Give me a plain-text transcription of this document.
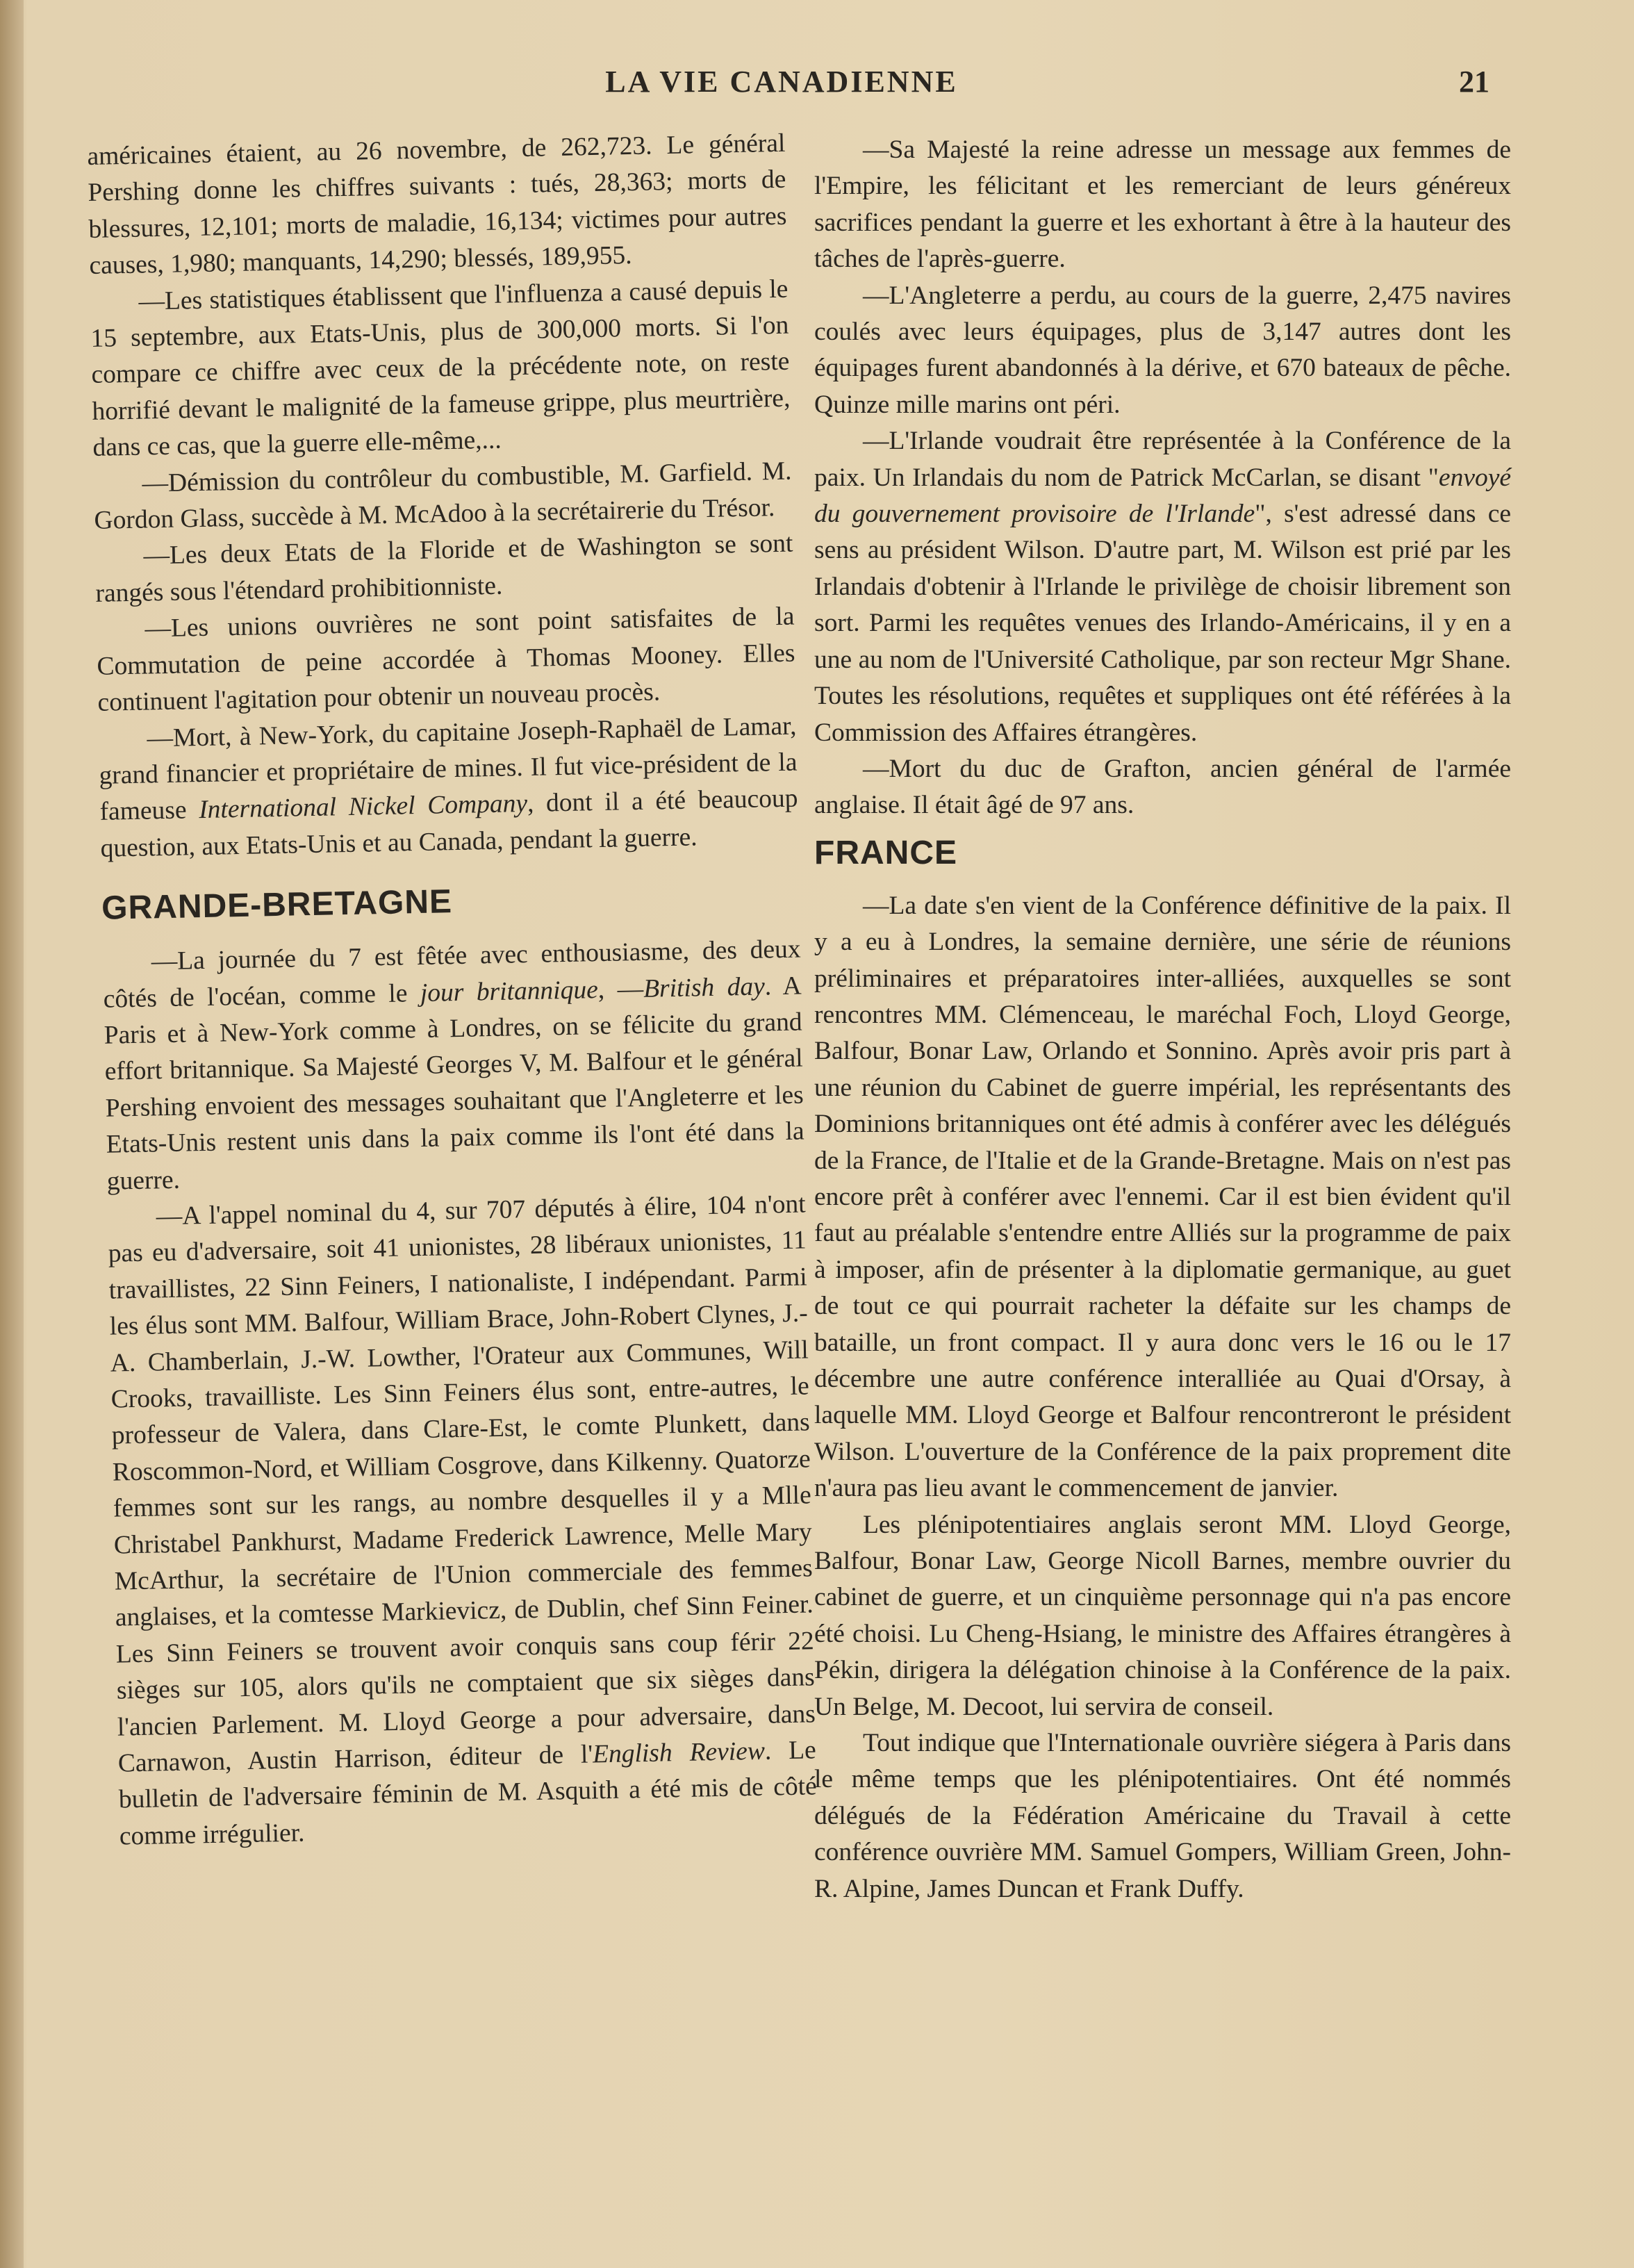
LA VIE CANADIENNE	21

américaines étaient, au 26 novembre, de 262,723. Le général Pershing donne les chiffres suivants : tués, 28,363; morts de blessures, 12,101; morts de maladie, 16,134; victimes pour autres causes, 1,980; manquants, 14,290; blessés, 189,955.

—Les statistiques établissent que l'influenza a causé depuis le 15 septembre, aux Etats-Unis, plus de 300,000 morts. Si l'on compare ce chiffre avec ceux de la précédente note, on reste horrifié devant le malignité de la fameuse grippe, plus meurtrière, dans ce cas, que la guerre elle-même,...

—Démission du contrôleur du combustible, M. Garfield. M. Gordon Glass, succède à M. McAdoo à la secrétairerie du Trésor.

—Les deux Etats de la Floride et de Washington se sont rangés sous l'étendard prohibitionniste.

—Les unions ouvrières ne sont point satisfaites de la Commutation de peine accordée à Thomas Mooney. Elles continuent l'agitation pour obtenir un nouveau procès.

—Mort, à New-York, du capitaine Joseph-Raphaël de Lamar, grand financier et propriétaire de mines. Il fut vice-président de la fameuse International Nickel Company, dont il a été beaucoup question, aux Etats-Unis et au Canada, pendant la guerre.

GRANDE-BRETAGNE

—La journée du 7 est fêtée avec enthousiasme, des deux côtés de l'océan, comme le jour britannique, —British day. A Paris et à New-York comme à Londres, on se félicite du grand effort britannique. Sa Majesté Georges V, M. Balfour et le général Pershing envoient des messages souhaitant que l'Angleterre et les Etats-Unis restent unis dans la paix comme ils l'ont été dans la guerre.

—A l'appel nominal du 4, sur 707 députés à élire, 104 n'ont pas eu d'adversaire, soit 41 unionistes, 28 libéraux unionistes, 11 travaillistes, 22 Sinn Feiners, I nationaliste, I indépendant. Parmi les élus sont MM. Balfour, William Brace, John-Robert Clynes, J.-A. Chamberlain, J.-W. Lowther, l'Orateur aux Communes, Will Crooks, travailliste. Les Sinn Feiners élus sont, entre-autres, le professeur de Valera, dans Clare-Est, le comte Plunkett, dans Roscommon-Nord, et William Cosgrove, dans Kilkenny. Quatorze femmes sont sur les rangs, au nombre desquelles il y a Mlle Christabel Pankhurst, Madame Frederick Lawrence, Melle Mary McArthur, la secrétaire de l'Union commerciale des femmes anglaises, et la comtesse Markievicz, de Dublin, chef Sinn Feiner. Les Sinn Feiners se trouvent avoir conquis sans coup férir 22 sièges sur 105, alors qu'ils ne comptaient que six sièges dans l'ancien Parlement. M. Lloyd George a pour adversaire, dans Carnawon, Austin Harrison, éditeur de l'English Review. Le bulletin de l'adversaire féminin de M. Asquith a été mis de côté comme irrégulier.

—Sa Majesté la reine adresse un message aux femmes de l'Empire, les félicitant et les remerciant de leurs généreux sacrifices pendant la guerre et les exhortant à être à la hauteur des tâches de l'après-guerre.

—L'Angleterre a perdu, au cours de la guerre, 2,475 navires coulés avec leurs équipages, plus de 3,147 autres dont les équipages furent abandonnés à la dérive, et 670 bateaux de pêche. Quinze mille marins ont péri.

—L'Irlande voudrait être représentée à la Conférence de la paix. Un Irlandais du nom de Patrick McCarlan, se disant "envoyé du gouvernement provisoire de l'Irlande", s'est adressé dans ce sens au président Wilson. D'autre part, M. Wilson est prié par les Irlandais d'obtenir à l'Irlande le privilège de choisir librement son sort. Parmi les requêtes venues des Irlando-Américains, il y en a une au nom de l'Université Catholique, par son recteur Mgr Shane. Toutes les résolutions, requêtes et suppliques ont été référées à la Commission des Affaires étrangères.

—Mort du duc de Grafton, ancien général de l'armée anglaise. Il était âgé de 97 ans.

FRANCE

—La date s'en vient de la Conférence définitive de la paix. Il y a eu à Londres, la semaine dernière, une série de réunions préliminaires et préparatoires inter-alliées, auxquelles se sont rencontres MM. Clémenceau, le maréchal Foch, Lloyd George, Balfour, Bonar Law, Orlando et Sonnino. Après avoir pris part à une réunion du Cabinet de guerre impérial, les représentants des Dominions britanniques ont été admis à conférer avec les délégués de la France, de l'Italie et de la Grande-Bretagne. Mais on n'est pas encore prêt à conférer avec l'ennemi. Car il est bien évident qu'il faut au préalable s'entendre entre Alliés sur la programme de paix à imposer, afin de présenter à la diplomatie germanique, au guet de tout ce qui pourrait racheter la défaite sur les champs de bataille, un front compact. Il y aura donc vers le 16 ou le 17 décembre une autre conférence interalliée au Quai d'Orsay, à laquelle MM. Lloyd George et Balfour rencontreront le président Wilson. L'ouverture de la Conférence de la paix proprement dite n'aura pas lieu avant le commencement de janvier.

Les plénipotentiaires anglais seront MM. Lloyd George, Balfour, Bonar Law, George Nicoll Barnes, membre ouvrier du cabinet de guerre, et un cinquième personnage qui n'a pas encore été choisi. Lu Cheng-Hsiang, le ministre des Affaires étrangères à Pékin, dirigera la délégation chinoise à la Conférence de la paix. Un Belge, M. Decoot, lui servira de conseil.

Tout indique que l'Internationale ouvrière siégera à Paris dans le même temps que les plénipotentiaires. Ont été nommés délégués de la Fédération Américaine du Travail à cette conférence ouvrière MM. Samuel Gompers, William Green, John-R. Alpine, James Duncan et Frank Duffy.
